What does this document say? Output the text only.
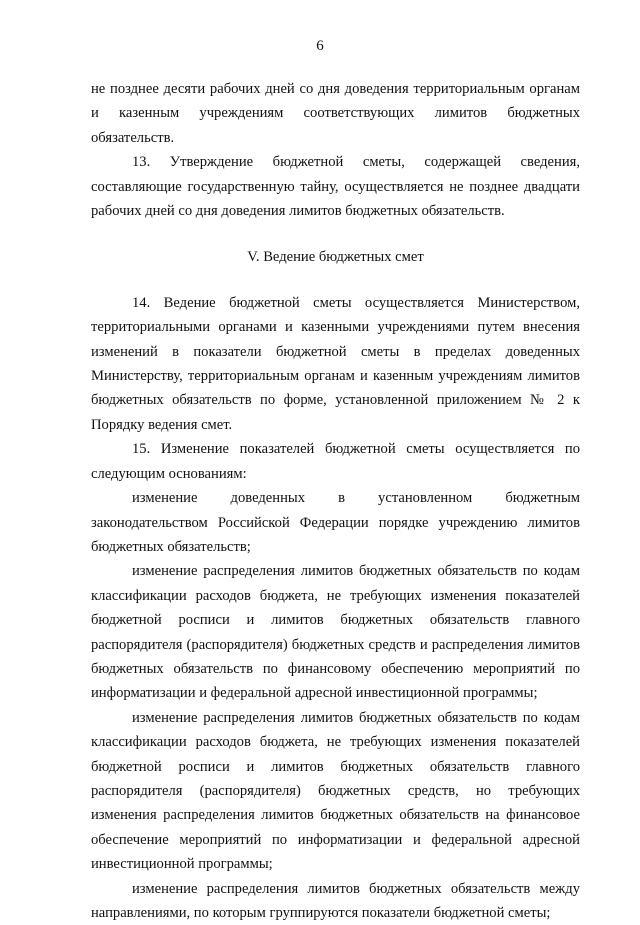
6

не позднее десяти рабочих дней со дня доведения территориальным органам и казенным учреждениям соответствующих лимитов бюджетных обязательств.

13. Утверждение бюджетной сметы, содержащей сведения, составляющие государственную тайну, осуществляется не позднее двадцати рабочих дней со дня доведения лимитов бюджетных обязательств.

V. Ведение бюджетных смет

14. Ведение бюджетной сметы осуществляется Министерством, территориальными органами и казенными учреждениями путем внесения изменений в показатели бюджетной сметы в пределах доведенных Министерству, территориальным органам и казенным учреждениям лимитов бюджетных обязательств по форме, установленной приложением № 2 к Порядку ведения смет.

15. Изменение показателей бюджетной сметы осуществляется по следующим основаниям:

изменение доведенных в установленном бюджетным законодательством Российской Федерации порядке учреждению лимитов бюджетных обязательств;

изменение распределения лимитов бюджетных обязательств по кодам классификации расходов бюджета, не требующих изменения показателей бюджетной росписи и лимитов бюджетных обязательств главного распорядителя (распорядителя) бюджетных средств и распределения лимитов бюджетных обязательств по финансовому обеспечению мероприятий по информатизации и федеральной адресной инвестиционной программы;

изменение распределения лимитов бюджетных обязательств по кодам классификации расходов бюджета, не требующих изменения показателей бюджетной росписи и лимитов бюджетных обязательств главного распорядителя (распорядителя) бюджетных средств, но требующих изменения распределения лимитов бюджетных обязательств на финансовое обеспечение мероприятий по информатизации и федеральной адресной инвестиционной программы;

изменение распределения лимитов бюджетных обязательств между направлениями, по которым группируются показатели бюджетной сметы;
